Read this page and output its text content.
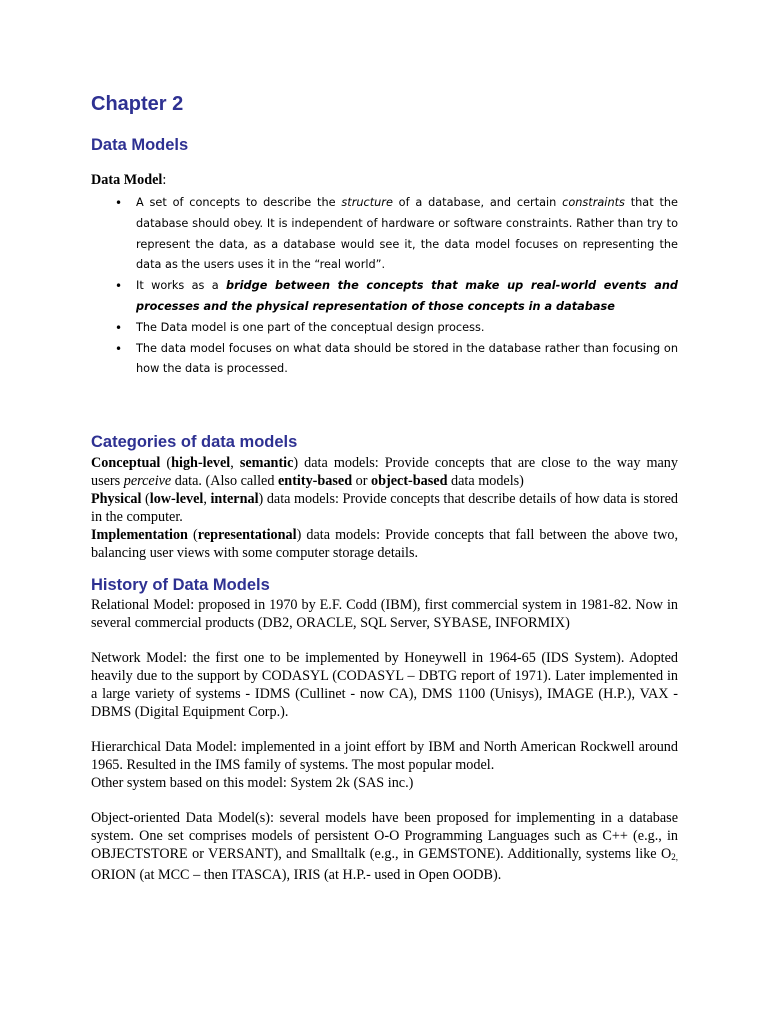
Chapter 2
Data Models

Data Model:

• A set of concepts to describe the structure of a database, and certain constraints that the database should obey. It is independent of hardware or software constraints. Rather than try to represent the data, as a database would see it, the data model focuses on representing the data as the users uses it in the “real world”.
• It works as a bridge between the concepts that make up real-world events and processes and the physical representation of those concepts in a database
• The Data model is one part of the conceptual design process.
• The data model focuses on what data should be stored in the database rather than focusing on how the data is processed.
Categories of data models

Conceptual (high-level, semantic) data models: Provide concepts that are close to the way many users perceive data. (Also called entity-based or object-based data models)

Physical (low-level, internal) data models: Provide concepts that describe details of how data is stored in the computer.

Implementation (representational) data models: Provide concepts that fall between the above two, balancing user views with some computer storage details.

History of Data Models

Relational Model: proposed in 1970 by E.F. Codd (IBM), first commercial system in 1981-82. Now in several commercial products (DB2, ORACLE, SQL Server, SYBASE, INFORMIX)

Network Model: the first one to be implemented by Honeywell in 1964-65 (IDS System). Adopted heavily due to the support by CODASYL (CODASYL – DBTG report of 1971). Later implemented in a large variety of systems - IDMS (Cullinet - now CA), DMS 1100 (Unisys), IMAGE (H.P.), VAX -DBMS (Digital Equipment Corp.).

Hierarchical Data Model: implemented in a joint effort by IBM and North American Rockwell around 1965. Resulted in the IMS family of systems. The most popular model.

Other system based on this model: System 2k (SAS inc.)

Object-oriented Data Model(s): several models have been proposed for implementing in a database system. One set comprises models of persistent O-O Programming Languages such as C++ (e.g., in OBJECTSTORE or VERSANT), and Smalltalk (e.g., in GEMSTONE). Additionally, systems like $O_{2,}$ ORION (at MCC – then ITASCA), IRIS (at H.P.- used in Open OODB).
